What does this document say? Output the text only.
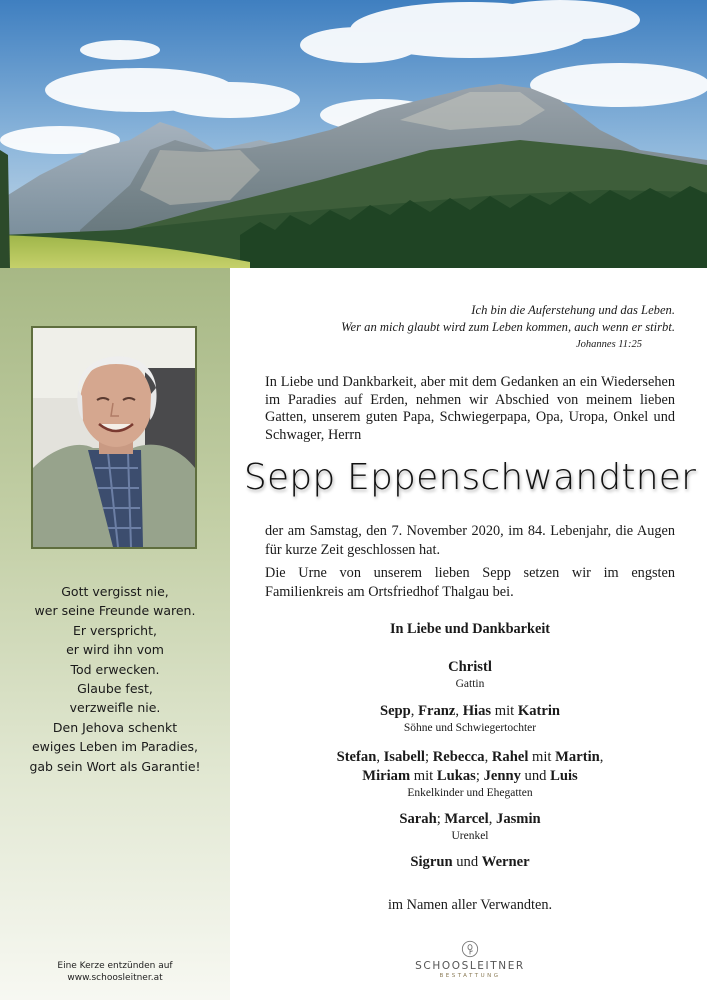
Gott vergisst nie,
wer seine Freunde waren.
Er verspricht,
er wird ihn vom
Tod erwecken.
Glaube fest,
verzweifle nie.
Den Jehova schenkt
ewiges Leben im Paradies,
gab sein Wort als Garantie!
Eine Kerze entzünden auf
www.schoosleitner.at
Ich bin die Auferstehung und das Leben.
Wer an mich glaubt wird zum Leben kommen, auch wenn er stirbt.
Johannes 11:25
In Liebe und Dankbarkeit, aber mit dem Gedanken an ein Wiedersehen im Paradies auf Erden, nehmen wir Abschied von meinem lieben Gatten, unserem guten Papa, Schwiegerpapa, Opa, Uropa, Onkel und Schwager, Herrn
Sepp Eppenschwandtner
der am Samstag, den 7. November 2020, im 84. Lebenjahr, die Augen für kurze Zeit geschlossen hat.
Die Urne von unserem lieben Sepp setzen wir im engsten Familienkreis am Ortsfriedhof Thalgau bei.
In Liebe und Dankbarkeit
Christl
Gattin
Sepp, Franz, Hias mit Katrin
Söhne und Schwiegertochter
Stefan, Isabell; Rebecca, Rahel mit Martin,
Miriam mit Lukas; Jenny und Luis
Enkelkinder und Ehegatten
Sarah; Marcel, Jasmin
Urenkel
Sigrun und Werner
im Namen aller Verwandten.
SCHOOSLEITNER
BESTATTUNG
